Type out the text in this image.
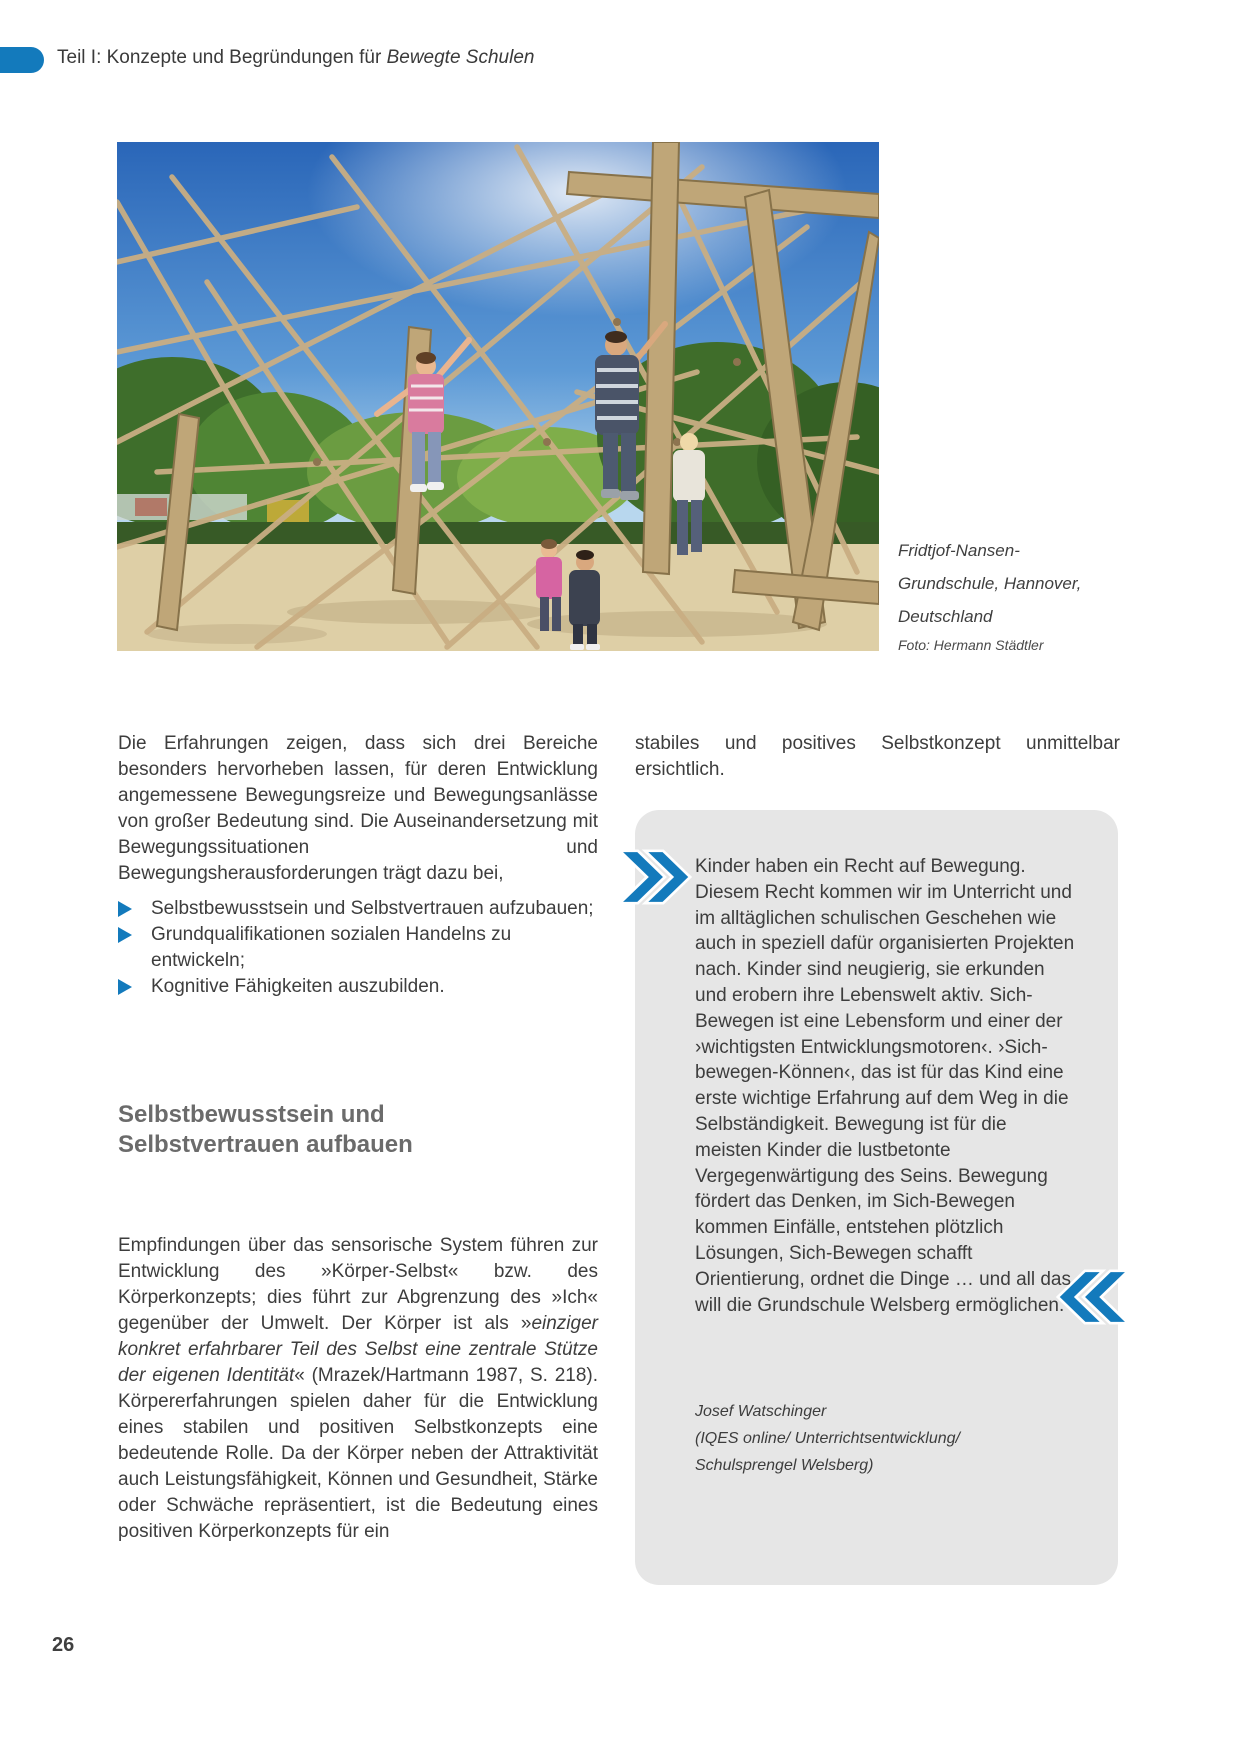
Teil I: Konzepte und Begründungen für Bewegte Schulen
Fridtjof-Nansen-
Grundschule, Hannover,
Deutschland
Foto: Hermann Städtler

Die Erfahrungen zeigen, dass sich drei Bereiche besonders hervorheben lassen, für deren Entwicklung angemessene Bewegungsreize und Bewegungsanlässe von großer Bedeutung sind. Die Auseinandersetzung mit Bewegungssituationen und Bewegungsherausforderungen trägt dazu bei,

Selbstbewusstsein und Selbstvertrauen aufzubauen;
Grundqualifikationen sozialen Handelns zu entwickeln;
Kognitive Fähigkeiten auszubilden.
Selbstbewusstsein und
Selbstvertrauen aufbauen

Empfindungen über das sensorische System führen zur Entwicklung des »Körper-Selbst« bzw. des Körperkonzepts; dies führt zur Abgrenzung des »Ich« gegenüber der Umwelt. Der Körper ist als »einziger konkret erfahrbarer Teil des Selbst eine zentrale Stütze der eigenen Identität« (Mrazek/Hartmann 1987, S. 218). Körpererfahrungen spielen daher für die Entwicklung eines stabilen und positiven Selbstkonzepts eine bedeutende Rolle. Da der Körper neben der Attraktivität auch Leistungsfähigkeit, Können und Gesundheit, Stärke oder Schwäche repräsentiert, ist die Bedeutung eines positiven Körperkonzepts für ein

stabiles und positives Selbstkonzept unmittelbar ersichtlich.

Kinder haben ein Recht auf Bewegung. Diesem Recht kommen wir im Unterricht und im alltäglichen schulischen Geschehen wie auch in speziell dafür organisierten Projekten nach. Kinder sind neugierig, sie erkunden und erobern ihre Lebenswelt aktiv. Sich-Bewegen ist eine Lebensform und einer der ›wichtigsten Entwicklungsmotoren‹. ›Sich-bewegen-Können‹, das ist für das Kind eine erste wichtige Erfahrung auf dem Weg in die Selbständigkeit. Bewegung ist für die meisten Kinder die lustbetonte Vergegenwärtigung des Seins. Bewegung fördert das Denken, im Sich-Bewegen kommen Einfälle, entstehen plötzlich Lösungen, Sich-Bewegen schafft Orientierung, ordnet die Dinge … und all das will die Grundschule Welsberg ermöglichen.
Josef Watschinger
(IQES online/ Unterrichtsentwicklung/
Schulsprengel Welsberg)
26
